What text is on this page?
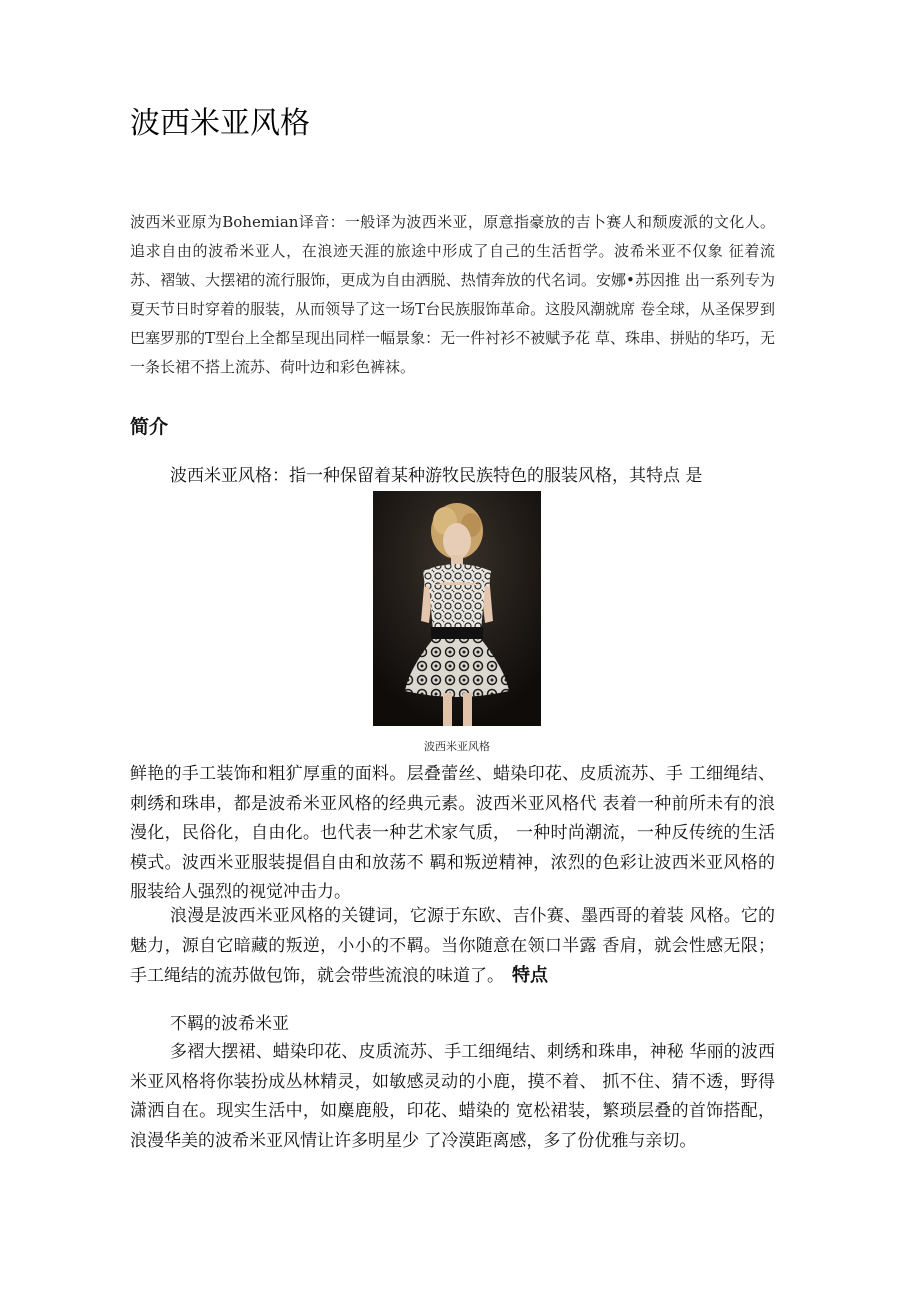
波西米亚风格

波西米亚原为Bohemian译音：一般译为波西米亚，原意指豪放的吉卜赛人和颓废派的文化人。追求自由的波希米亚人，在浪迹天涯的旅途中形成了自己的生活哲学。波希米亚不仅象 征着流苏、褶皱、大摆裙的流行服饰，更成为自由洒脱、热情奔放的代名词。安娜•苏因推 出一系列专为夏天节日时穿着的服装，从而领导了这一场T台民族服饰革命。这股风潮就席 卷全球，从圣保罗到巴塞罗那的T型台上全都呈现出同样一幅景象：无一件衬衫不被赋予花 草、珠串、拼贴的华巧，无一条长裙不搭上流苏、荷叶边和彩色裤袜。

简介

波西米亚风格：指一种保留着某种游牧民族特色的服装风格，其特点 是

波西米亚风格

鲜艳的手工装饰和粗犷厚重的面料。层叠蕾丝、蜡染印花、皮质流苏、手 工细绳结、刺绣和珠串，都是波希米亚风格的经典元素。波西米亚风格代 表着一种前所未有的浪漫化，民俗化，自由化。也代表一种艺术家气质， 一种时尚潮流，一种反传统的生活模式。波西米亚服装提倡自由和放荡不 羁和叛逆精神，浓烈的色彩让波西米亚风格的服装给人强烈的视觉冲击力。

浪漫是波西米亚风格的关键词，它源于东欧、吉仆赛、墨西哥的着装 风格。它的魅力，源自它暗藏的叛逆，小小的不羁。当你随意在领口半露 香肩，就会性感无限；手工绳结的流苏做包饰，就会带些流浪的味道了。 特点

不羁的波希米亚

多褶大摆裙、蜡染印花、皮质流苏、手工细绳结、刺绣和珠串，神秘 华丽的波西米亚风格将你装扮成丛林精灵，如敏感灵动的小鹿，摸不着、 抓不住、猜不透，野得潇洒自在。现实生活中，如麋鹿般，印花、蜡染的 宽松裙装，繁琐层叠的首饰搭配，浪漫华美的波希米亚风情让许多明星少 了冷漠距离感，多了份优雅与亲切。
